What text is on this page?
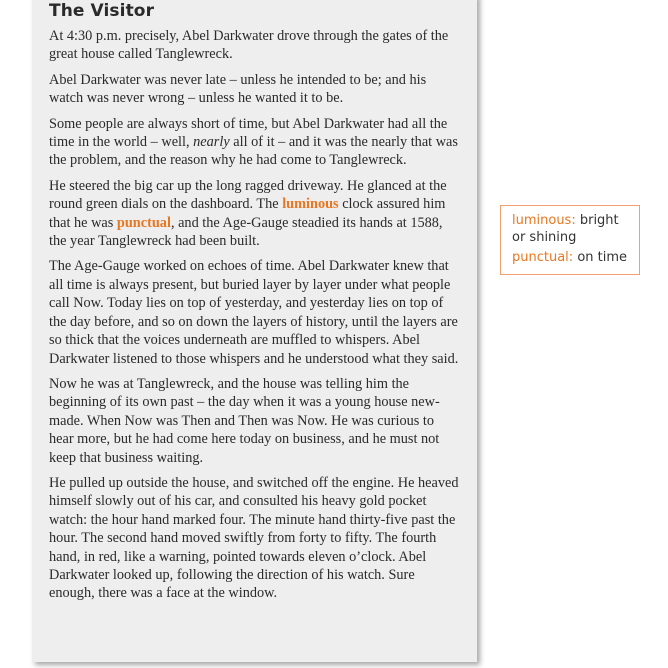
The Visitor

At 4:30 p.m. precisely, Abel Darkwater drove through the gates of the great house called Tanglewreck.

Abel Darkwater was never late – unless he intended to be; and his watch was never wrong – unless he wanted it to be.

Some people are always short of time, but Abel Darkwater had all the time in the world – well, nearly all of it – and it was the nearly that was the problem, and the reason why he had come to Tanglewreck.

He steered the big car up the long ragged driveway. He glanced at the round green dials on the dashboard. The luminous clock assured him that he was punctual, and the Age-Gauge steadied its hands at 1588, the year Tanglewreck had been built.

The Age-Gauge worked on echoes of time. Abel Darkwater knew that all time is always present, but buried layer by layer under what people call Now. Today lies on top of yesterday, and yesterday lies on top of the day before, and so on down the layers of history, until the layers are so thick that the voices underneath are muffled to whispers. Abel Darkwater listened to those whispers and he understood what they said.

Now he was at Tanglewreck, and the house was telling him the beginning of its own past – the day when it was a young house new-made. When Now was Then and Then was Now. He was curious to hear more, but he had come here today on business, and he must not keep that business waiting.

He pulled up outside the house, and switched off the engine. He heaved himself slowly out of his car, and consulted his heavy gold pocket watch: the hour hand marked four. The minute hand thirty-five past the hour. The second hand moved swiftly from forty to fifty. The fourth hand, in red, like a warning, pointed towards eleven o’clock. Abel Darkwater looked up, following the direction of his watch. Sure enough, there was a face at the window.

luminous: bright or shining
punctual: on time
